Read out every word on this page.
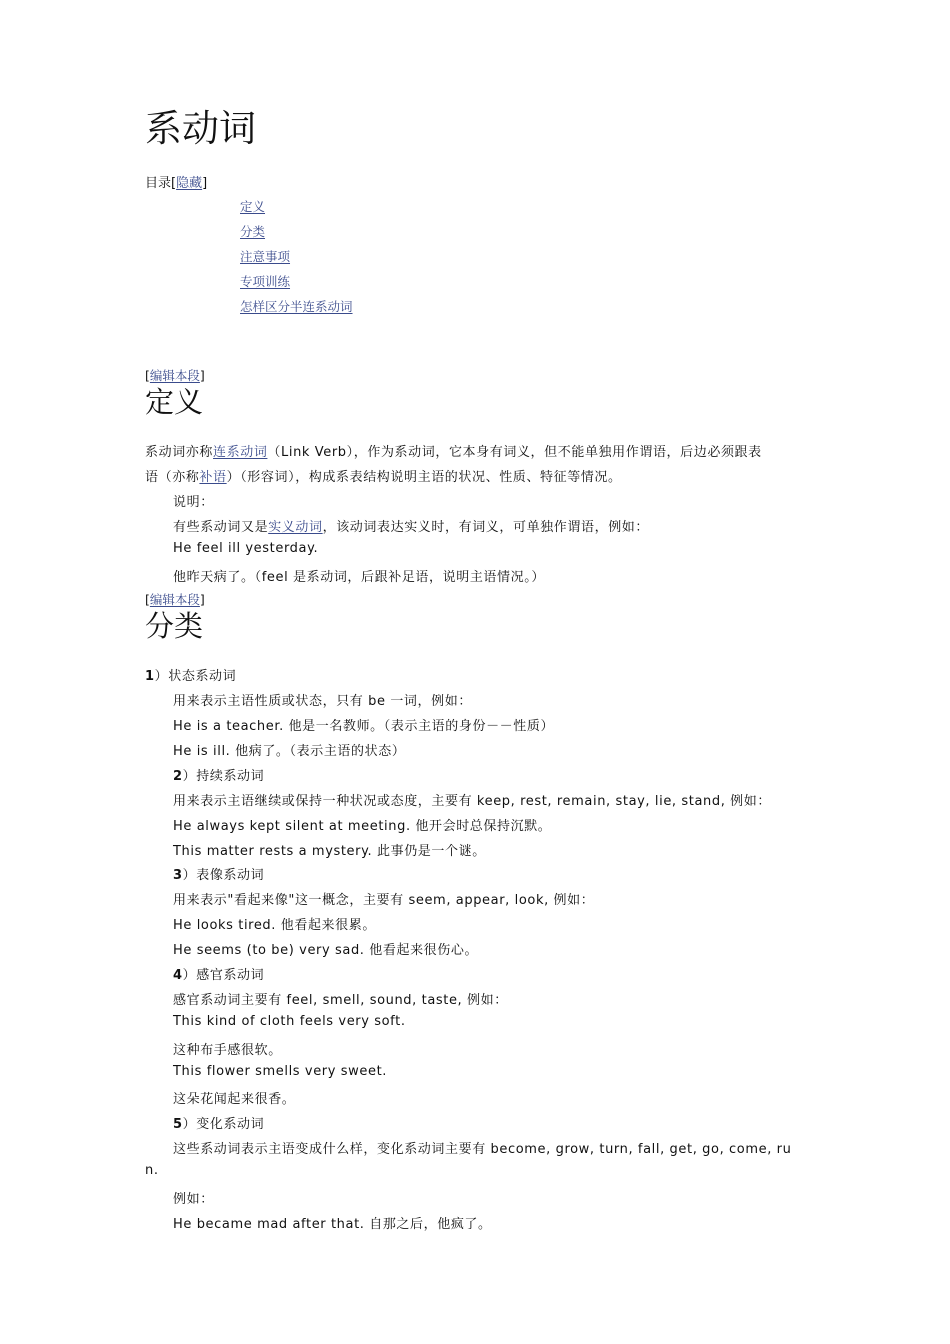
系动词
目录[隐藏]
定义
分类
注意事项
专项训练
怎样区分半连系动词
[编辑本段]
定义
系动词亦称连系动词（Link Verb），作为系动词，它本身有词义，但不能单独用作谓语，后边必须跟表
语（亦称补语）（形容词），构成系表结构说明主语的状况、性质、特征等情况。
说明：
有些系动词又是实义动词，该动词表达实义时，有词义，可单独作谓语，例如：
He feel ill yesterday.
他昨天病了。（feel 是系动词，后跟补足语，说明主语情况。）
[编辑本段]
分类
1）状态系动词
用来表示主语性质或状态，只有 be 一词，例如：
He is a teacher. 他是一名教师。（表示主语的身份－－性质）
He is ill. 他病了。（表示主语的状态）
2）持续系动词
用来表示主语继续或保持一种状况或态度，主要有 keep, rest, remain, stay, lie, stand, 例如：
He always kept silent at meeting. 他开会时总保持沉默。
This matter rests a mystery. 此事仍是一个谜。
3）表像系动词
用来表示"看起来像"这一概念，主要有 seem, appear, look, 例如：
He looks tired. 他看起来很累。
He seems (to be) very sad. 他看起来很伤心。
4）感官系动词
感官系动词主要有 feel, smell, sound, taste, 例如：
This kind of cloth feels very soft.
这种布手感很软。
This flower smells very sweet.
这朵花闻起来很香。
5）变化系动词
这些系动词表示主语变成什么样，变化系动词主要有 become, grow, turn, fall, get, go, come, ru
n.
例如：
He became mad after that. 自那之后，他疯了。
